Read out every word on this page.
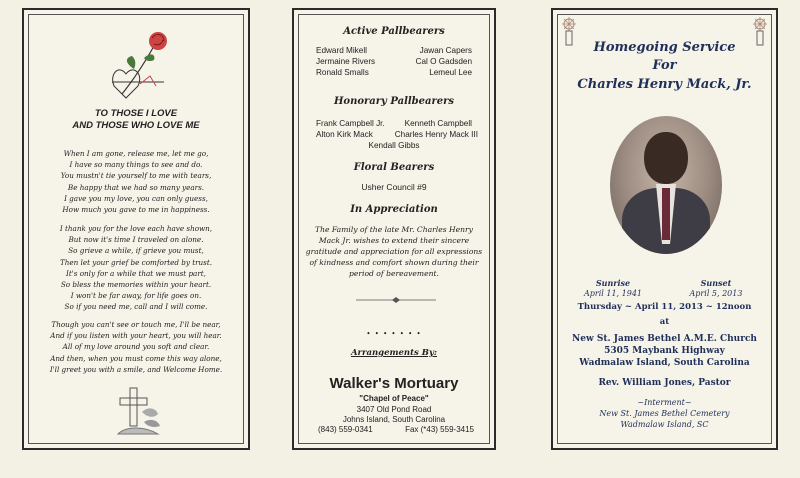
TO THOSE I LOVE
AND THOSE WHO LOVE ME
When I am gone, release me, let me go,
I have so many things to see and do.
You mustn't tie yourself to me with tears,
Be happy that we had so many years.
I gave you my love, you can only guess,
How much you gave to me in happiness.
I thank you for the love each have shown,
But now it's time I traveled on alone.
So grieve a while, if grieve you must,
Then let your grief be comforted by trust.
It's only for a while that we must part,
So bless the memories within your heart.
I won't be far away, for life goes on.
So if you need me, call and I will come.
Though you can't see or touch me, I'll be near,
And if you listen with your heart, you will hear.
All of my love around you soft and clear.
And then, when you must come this way alone,
I'll greet you with a smile, and Welcome Home.
Active Pallbearers
Edward Mikell
Jermaine Rivers
Ronald Smalls
Jawan Capers
Cal O Gadsden
Lemeul Lee
Honorary Pallbearers
Frank Campbell Jr. Kenneth Campbell
Alton Kirk Mack	Charles Henry Mack III
Kendall Gibbs
Floral Bearers
Usher Council #9
In Appreciation
The Family of the late Mr. Charles Henry
Mack Jr. wishes to extend their sincere
gratitude and appreciation for all expressions
of kindness and comfort shown during their
period of bereavement.
• • • • • • •
Arrangements By:
Walker's Mortuary
"Chapel of Peace"
3407 Old Pond Road
Johns Island, South Carolina
(843) 559-0341	Fax (*43) 559-3415
Homegoing Service
For
Charles Henry Mack, Jr.
Sunrise
April 11, 1941
Sunset
April 5, 2013
Thursday ~ April 11, 2013 ~ 12noon
at
New St. James Bethel A.M.E. Church
5305 Maybank Highway
Wadmalaw Island, South Carolina
Rev. William Jones, Pastor
~Interment~
New St. James Bethel Cemetery
Wadmalaw Island, SC
